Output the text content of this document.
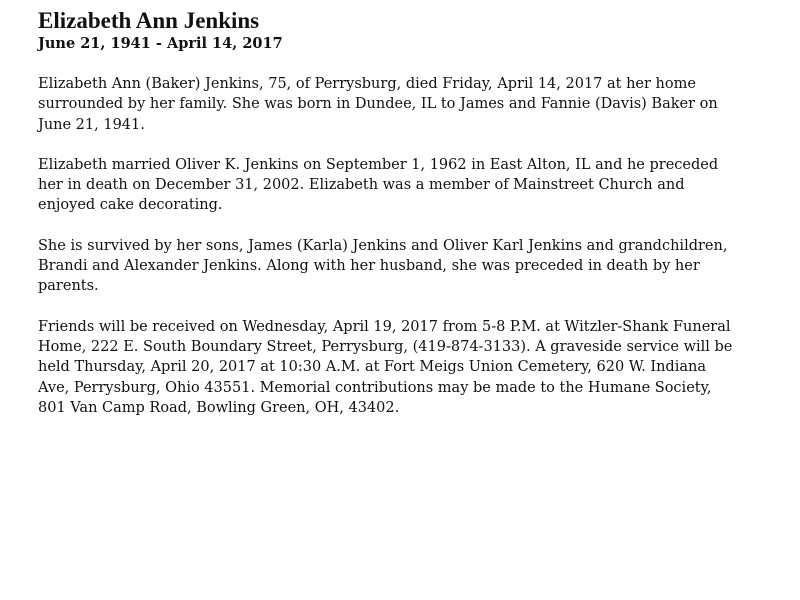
Elizabeth Ann Jenkins
June 21, 1941 - April 14, 2017

Elizabeth Ann (Baker) Jenkins, 75, of Perrysburg, died Friday, April 14, 2017 at her home surrounded by her family. She was born in Dundee, IL to James and Fannie (Davis) Baker on June 21, 1941.

Elizabeth married Oliver K. Jenkins on September 1, 1962 in East Alton, IL and he preceded her in death on December 31, 2002. Elizabeth was a member of Mainstreet Church and enjoyed cake decorating.

She is survived by her sons, James (Karla) Jenkins and Oliver Karl Jenkins and grandchildren, Brandi and Alexander Jenkins. Along with her husband, she was preceded in death by her parents.

Friends will be received on Wednesday, April 19, 2017 from 5-8 P.M. at Witzler-Shank Funeral Home, 222 E. South Boundary Street, Perrysburg, (419-874-3133). A graveside service will be held Thursday, April 20, 2017 at 10:30 A.M. at Fort Meigs Union Cemetery, 620 W. Indiana Ave, Perrysburg, Ohio 43551. Memorial contributions may be made to the Humane Society, 801 Van Camp Road, Bowling Green, OH, 43402.
